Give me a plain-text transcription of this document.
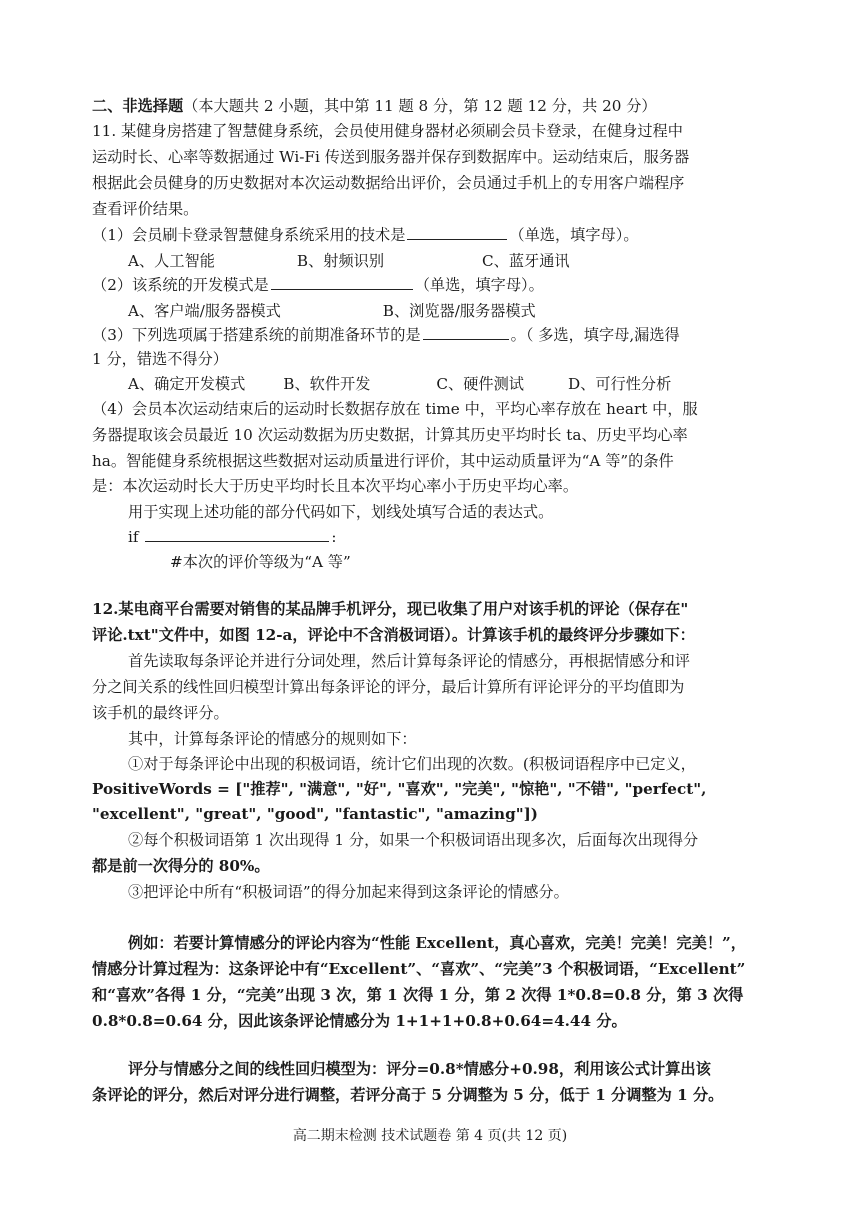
二、非选择题（本大题共 2 小题，其中第 11 题 8 分，第 12 题 12 分，共 20 分）
11. 某健身房搭建了智慧健身系统，会员使用健身器材必须刷会员卡登录，在健身过程中
运动时长、心率等数据通过 Wi-Fi 传送到服务器并保存到数据库中。运动结束后，服务器
根据此会员健身的历史数据对本次运动数据给出评价，会员通过手机上的专用客户端程序
查看评价结果。
（1）会员刷卡登录智慧健身系统采用的技术是	（单选，填字母）。
A、人工智能	B、射频识别	C、蓝牙通讯
（2）该系统的开发模式是	（单选，填字母）。
A、客户端/服务器模式	B、浏览器/服务器模式
（3）下列选项属于搭建系统的前期准备环节的是	。（ 多选，填字母,漏选得
1 分，错选不得分）
A、确定开发模式	B、软件开发	C、硬件测试	D、可行性分析
（4）会员本次运动结束后的运动时长数据存放在 time 中，平均心率存放在 heart 中，服
务器提取该会员最近 10 次运动数据为历史数据，计算其历史平均时长 ta、历史平均心率
ha。智能健身系统根据这些数据对运动质量进行评价，其中运动质量评为“A 等”的条件
是：本次运动时长大于历史平均时长且本次平均心率小于历史平均心率。
用于实现上述功能的部分代码如下，划线处填写合适的表达式。
if	:
#本次的评价等级为“A 等”
12.某电商平台需要对销售的某品牌手机评分，现已收集了用户对该手机的评论（保存在"
评论.txt"文件中，如图 12-a，评论中不含消极词语）。计算该手机的最终评分步骤如下：
首先读取每条评论并进行分词处理，然后计算每条评论的情感分，再根据情感分和评
分之间关系的线性回归模型计算出每条评论的评分，最后计算所有评论评分的平均值即为
该手机的最终评分。
其中，计算每条评论的情感分的规则如下：
①对于每条评论中出现的积极词语，统计它们出现的次数。(积极词语程序中已定义，
PositiveWords = ["推荐", "满意", "好", "喜欢", "完美", "惊艳", "不错", "perfect",
"excellent", "great", "good", "fantastic", "amazing"])
②每个积极词语第 1 次出现得 1 分，如果一个积极词语出现多次，后面每次出现得分
都是前一次得分的 80%。
③把评论中所有“积极词语”的得分加起来得到这条评论的情感分。
例如：若要计算情感分的评论内容为“性能 Excellent，真心喜欢，完美！完美！完美！”，
情感分计算过程为：这条评论中有“Excellent”、“喜欢”、“完美”3 个积极词语，“Excellent”
和“喜欢”各得 1 分，“完美”出现 3 次，第 1 次得 1 分，第 2 次得 1*0.8=0.8 分，第 3 次得
0.8*0.8=0.64 分，因此该条评论情感分为 1+1+1+0.8+0.64=4.44 分。
评分与情感分之间的线性回归模型为：评分=0.8*情感分+0.98，利用该公式计算出该
条评论的评分，然后对评分进行调整，若评分高于 5 分调整为 5 分，低于 1 分调整为 1 分。
高二期末检测 技术试题卷 第 4 页(共 12 页)
